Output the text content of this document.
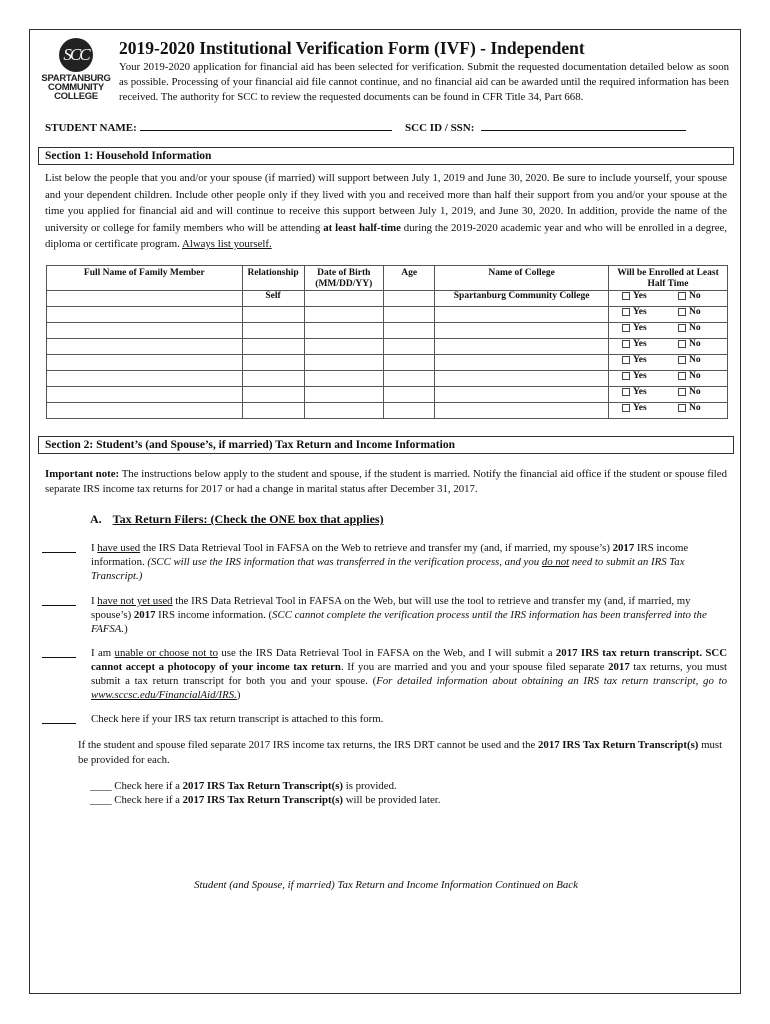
SCC
SPARTANBURG
COMMUNITY
COLLEGE
2019-2020 Institutional Verification Form (IVF) - Independent
Your 2019-2020 application for financial aid has been selected for verification. Submit the requested documentation detailed below as soon as possible. Processing of your financial aid file cannot continue, and no financial aid can be awarded until the required information has been received. The authority for SCC to review the requested documents can be found in CFR Title 34, Part 668.
STUDENT NAME:	SCC ID / SSN:
Section 1: Household Information
List below the people that you and/or your spouse (if married) will support between July 1, 2019 and June 30, 2020. Be sure to include yourself, your spouse and your dependent children. Include other people only if they lived with you and received more than half their support from you and/or your spouse at the time you applied for financial aid and will continue to receive this support between July 1, 2019, and June 30, 2020. In addition, provide the name of the university or college for family members who will be attending at least half-time during the 2019-2020 academic year and who will be enrolled in a degree, diploma or certificate program. Always list yourself.
Full Name of Family Member	Relationship	Date of Birth (MM/DD/YY)	Age	Name of College	Will be Enrolled at Least Half Time
	Self			Spartanburg Community College	Yes No
					Yes No
					Yes No
					Yes No
					Yes No
					Yes No
					Yes No
					Yes No
Section 2: Student’s (and Spouse’s, if married) Tax Return and Income Information
Important note: The instructions below apply to the student and spouse, if the student is married. Notify the financial aid office if the student or spouse filed separate IRS income tax returns for 2017 or had a change in marital status after December 31, 2017.
A. Tax Return Filers: (Check the ONE box that applies)
I have used the IRS Data Retrieval Tool in FAFSA on the Web to retrieve and transfer my (and, if married, my spouse’s) 2017 IRS income information. (SCC will use the IRS information that was transferred in the verification process, and you do not need to submit an IRS Tax Transcript.)
I have not yet used the IRS Data Retrieval Tool in FAFSA on the Web, but will use the tool to retrieve and transfer my (and, if married, my spouse’s) 2017 IRS income information. (SCC cannot complete the verification process until the IRS information has been transferred into the FAFSA.)
I am unable or choose not to use the IRS Data Retrieval Tool in FAFSA on the Web, and I will submit a 2017 IRS tax return transcript. SCC cannot accept a photocopy of your income tax return. If you are married and you and your spouse filed separate 2017 tax returns, you must submit a tax return transcript for both you and your spouse. (For detailed information about obtaining an IRS tax return transcript, go to www.sccsc.edu/FinancialAid/IRS.)
Check here if your IRS tax return transcript is attached to this form.
If the student and spouse filed separate 2017 IRS income tax returns, the IRS DRT cannot be used and the 2017 IRS Tax Return Transcript(s) must be provided for each.
____ Check here if a 2017 IRS Tax Return Transcript(s) is provided.
____ Check here if a 2017 IRS Tax Return Transcript(s) will be provided later.
Student (and Spouse, if married) Tax Return and Income Information Continued on Back
